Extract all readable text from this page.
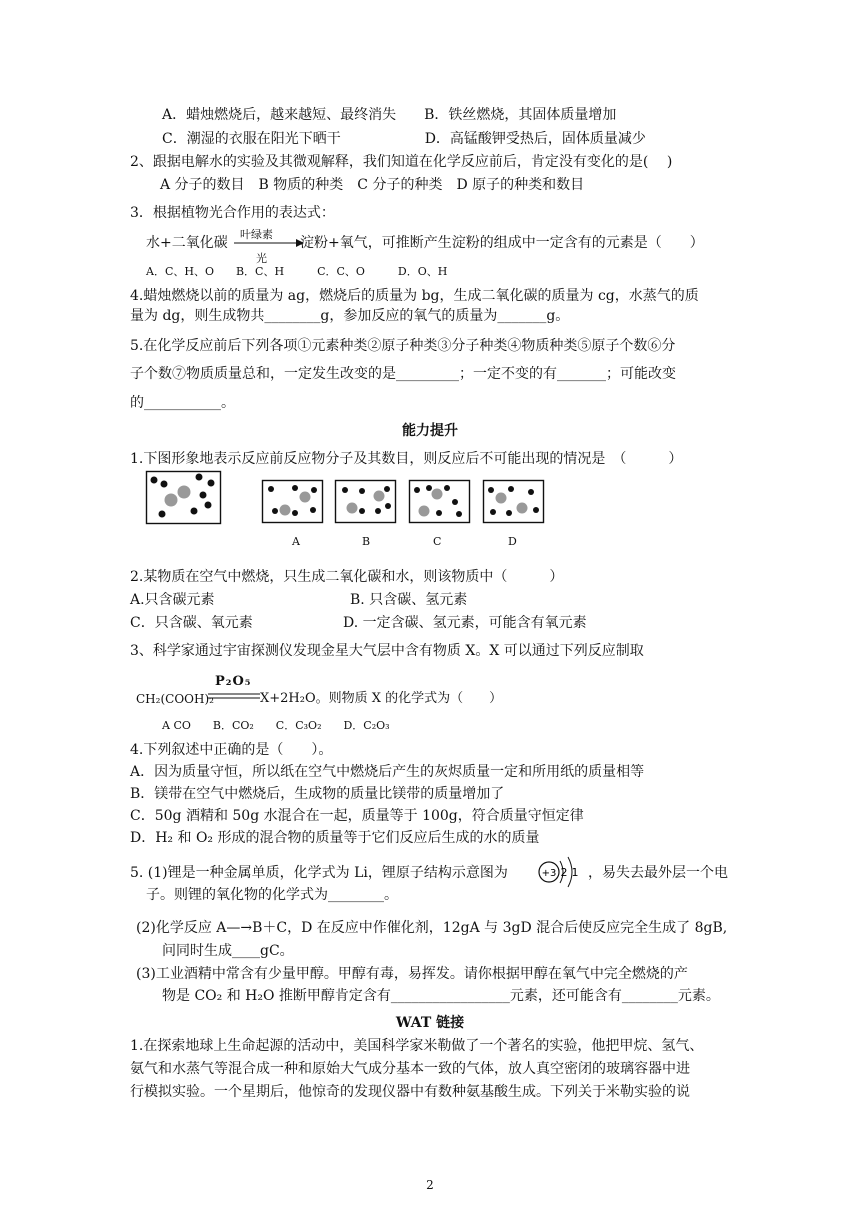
A．蜡烛燃烧后，越来越短、最终消失　　B．铁丝燃烧，其固体质量增加
C．潮湿的衣服在阳光下晒干　　　　　　D．高锰酸钾受热后，固体质量减少
2、跟据电解水的实验及其微观解释，我们知道在化学反应前后，肯定没有变化的是(　 )
A 分子的数目　B 物质的种类　C 分子的种类　D 原子的种类和数目
3．根据植物光合作用的表达式：
水+二氧化碳
叶绿素
光
淀粉+氧气，可推断产生淀粉的组成中一定含有的元素是（　　）
A．C、H、O　　B．C、H　　　C．C、O　　　D．O、H
4.蜡烛燃烧以前的质量为 ag，燃烧后的质量为 bg，生成二氧化碳的质量为 cg，水蒸气的质
量为 dg，则生成物共________g，参加反应的氧气的质量为_______g。
5.在化学反应前后下列各项①元素种类②原子种类③分子种类④物质种类⑤原子个数⑥分
子个数⑦物质质量总和，一定发生改变的是_________；一定不变的有_______；可能改变
的___________。
能力提升
1.下图形象地表示反应前反应物分子及其数目，则反应后不可能出现的情况是　（　　　）
A	B	C	D
2.某物质在空气中燃烧，只生成二氧化碳和水，则该物质中（　　　）
A.只含碳元素	B. 只含碳、氢元素
C．只含碳、氧元素	D. 一定含碳、氢元素，可能含有氧元素
3、科学家通过宇宙探测仪发现金星大气层中含有物质 X。X 可以通过下列反应制取
CH₂(COOH)₂
P₂O₅
X+2H₂O。则物质 X 的化学式为（　　）
A CO　　B．CO₂　　C．C₃O₂　　D．C₂O₃
4.下列叙述中正确的是（　　）。
A．因为质量守恒，所以纸在空气中燃烧后产生的灰烬质量一定和所用纸的质量相等
B．镁带在空气中燃烧后，生成物的质量比镁带的质量增加了
C．50g 酒精和 50g 水混合在一起，质量等于 100g，符合质量守恒定律
D．H₂ 和 O₂ 形成的混合物的质量等于它们反应后生成的水的质量
5. (1)锂是一种金属单质，化学式为 Li，锂原子结构示意图为	+3 2 1 ，易失去最外层一个电
子。则锂的氧化物的化学式为________。
(2)化学反应 A—→B＋C，D 在反应中作催化剂，12gA 与 3gD 混合后使反应完全生成了 8gB,
问同时生成____gC。
(3)工业酒精中常含有少量甲醇。甲醇有毒，易挥发。请你根据甲醇在氧气中完全燃烧的产
物是 CO₂ 和 H₂O 推断甲醇肯定含有_________________元素，还可能含有________元素。
WAT 链接
1.在探索地球上生命起源的活动中，美国科学家米勒做了一个著名的实验，他把甲烷、氢气、
氨气和水蒸气等混合成一种和原始大气成分基本一致的气体，放人真空密闭的玻璃容器中进
行模拟实验。一个星期后，他惊奇的发现仪器中有数种氨基酸生成。下列关于米勒实验的说
2
